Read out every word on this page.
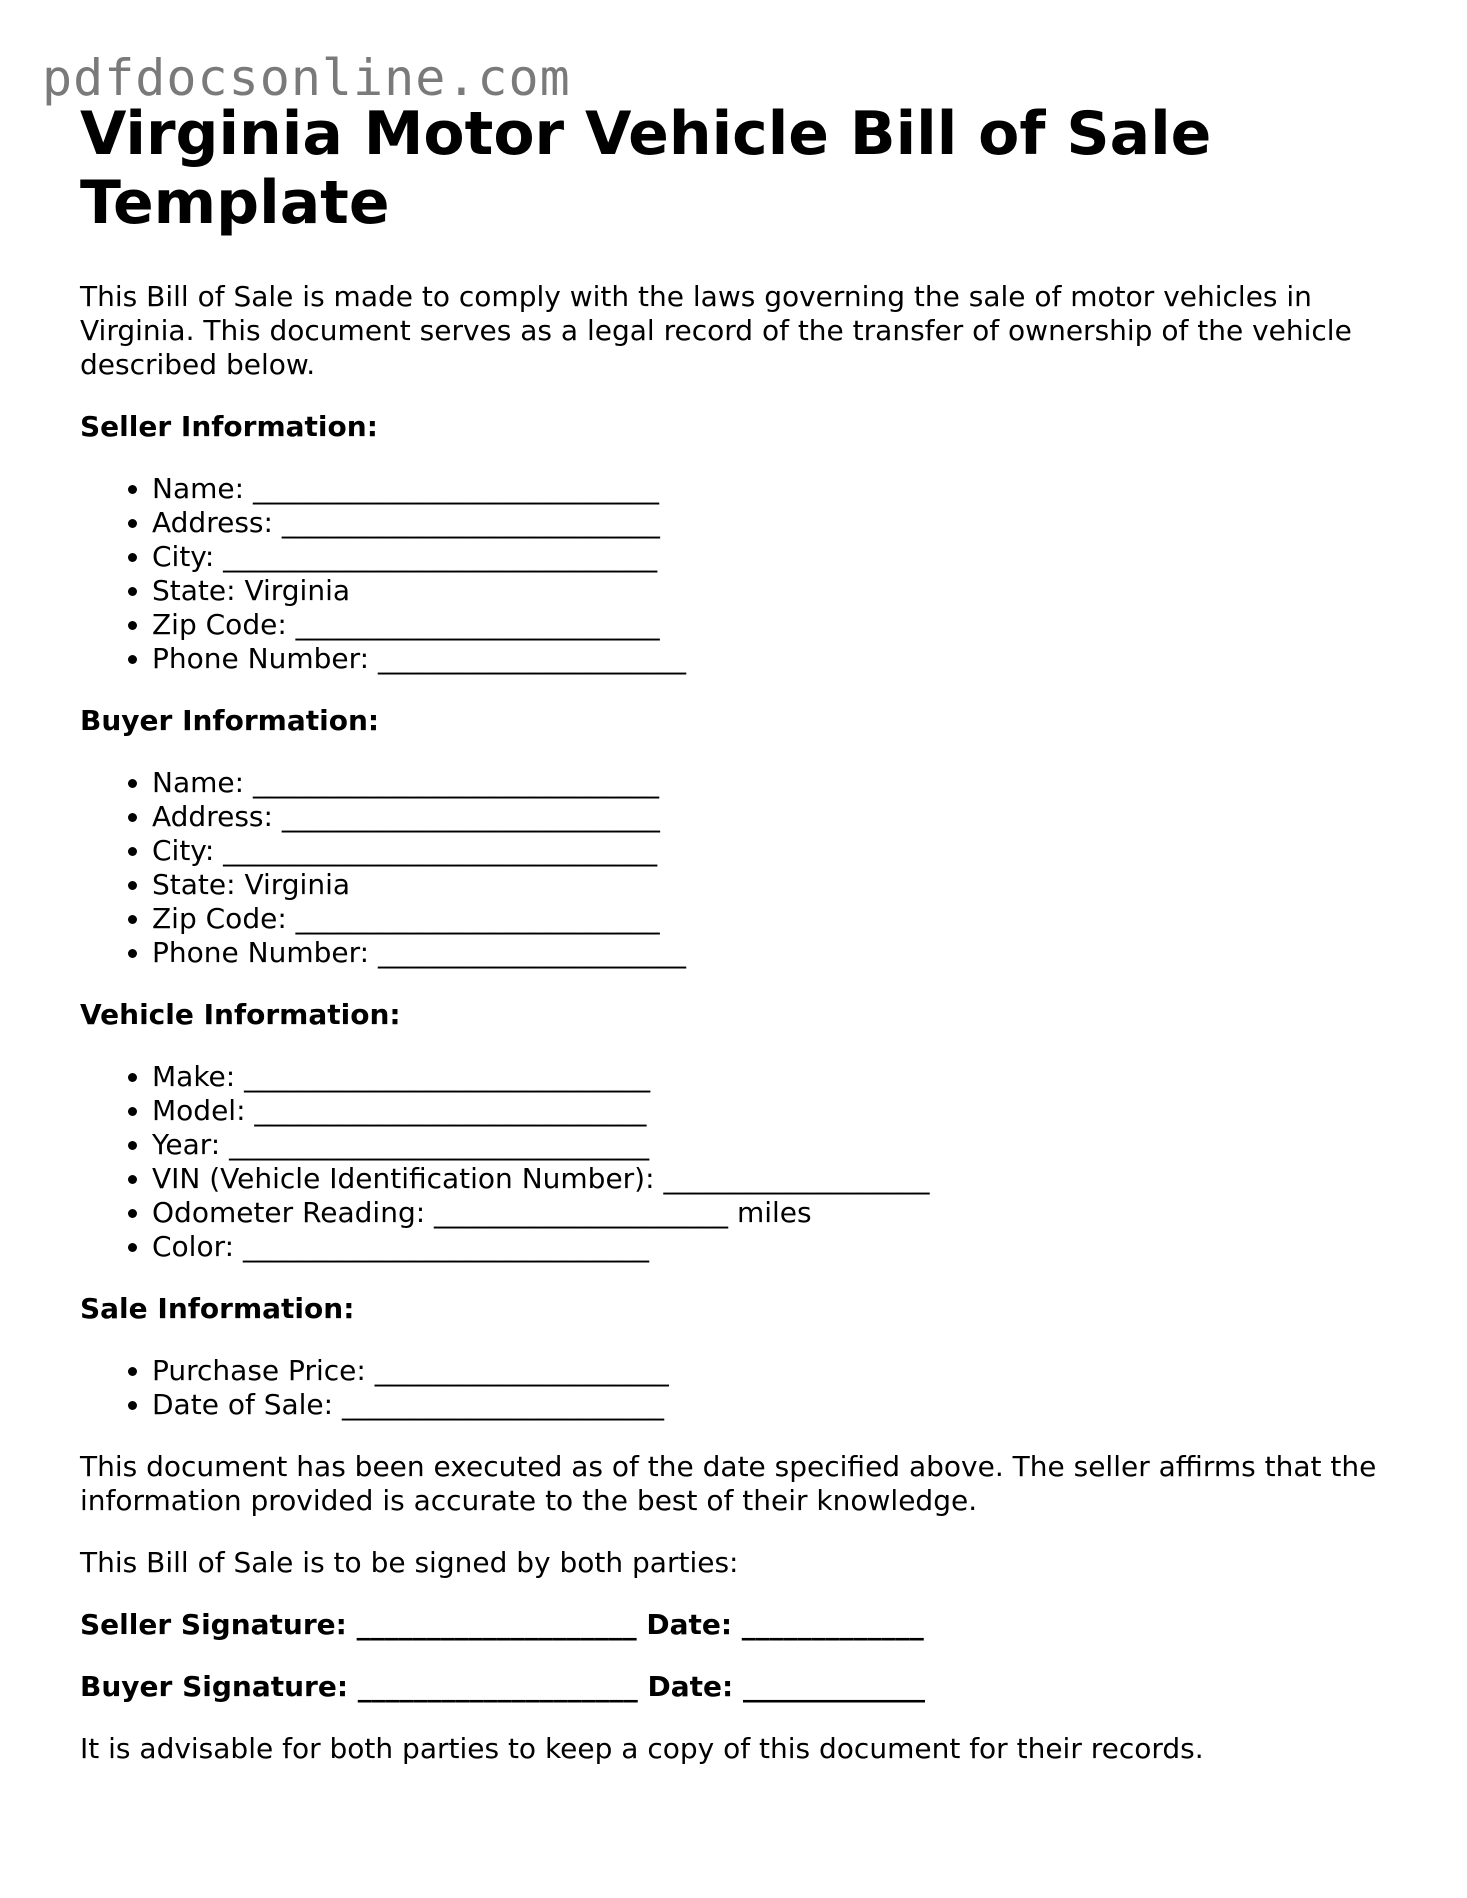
pdfdocsonline.com
Virginia Motor Vehicle Bill of Sale Template

This Bill of Sale is made to comply with the laws governing the sale of motor vehicles in Virginia. This document serves as a legal record of the transfer of ownership of the vehicle described below.

Seller Information:
• Name: _____________________________
• Address: ___________________________
• City: _______________________________
• State: Virginia
• Zip Code: __________________________
• Phone Number: ______________________
Buyer Information:
• Name: _____________________________
• Address: ___________________________
• City: _______________________________
• State: Virginia
• Zip Code: __________________________
• Phone Number: ______________________
Vehicle Information:
• Make: _____________________________
• Model: ____________________________
• Year: ______________________________
• VIN (Vehicle Identification Number): ___________________
• Odometer Reading: _____________________ miles
• Color: _____________________________
Sale Information:
• Purchase Price: _____________________
• Date of Sale: _______________________

This document has been executed as of the date specified above. The seller affirms that the information provided is accurate to the best of their knowledge.

This Bill of Sale is to be signed by both parties:

Seller Signature: ____________________ Date: _____________
Buyer Signature: ____________________ Date: _____________

It is advisable for both parties to keep a copy of this document for their records.
